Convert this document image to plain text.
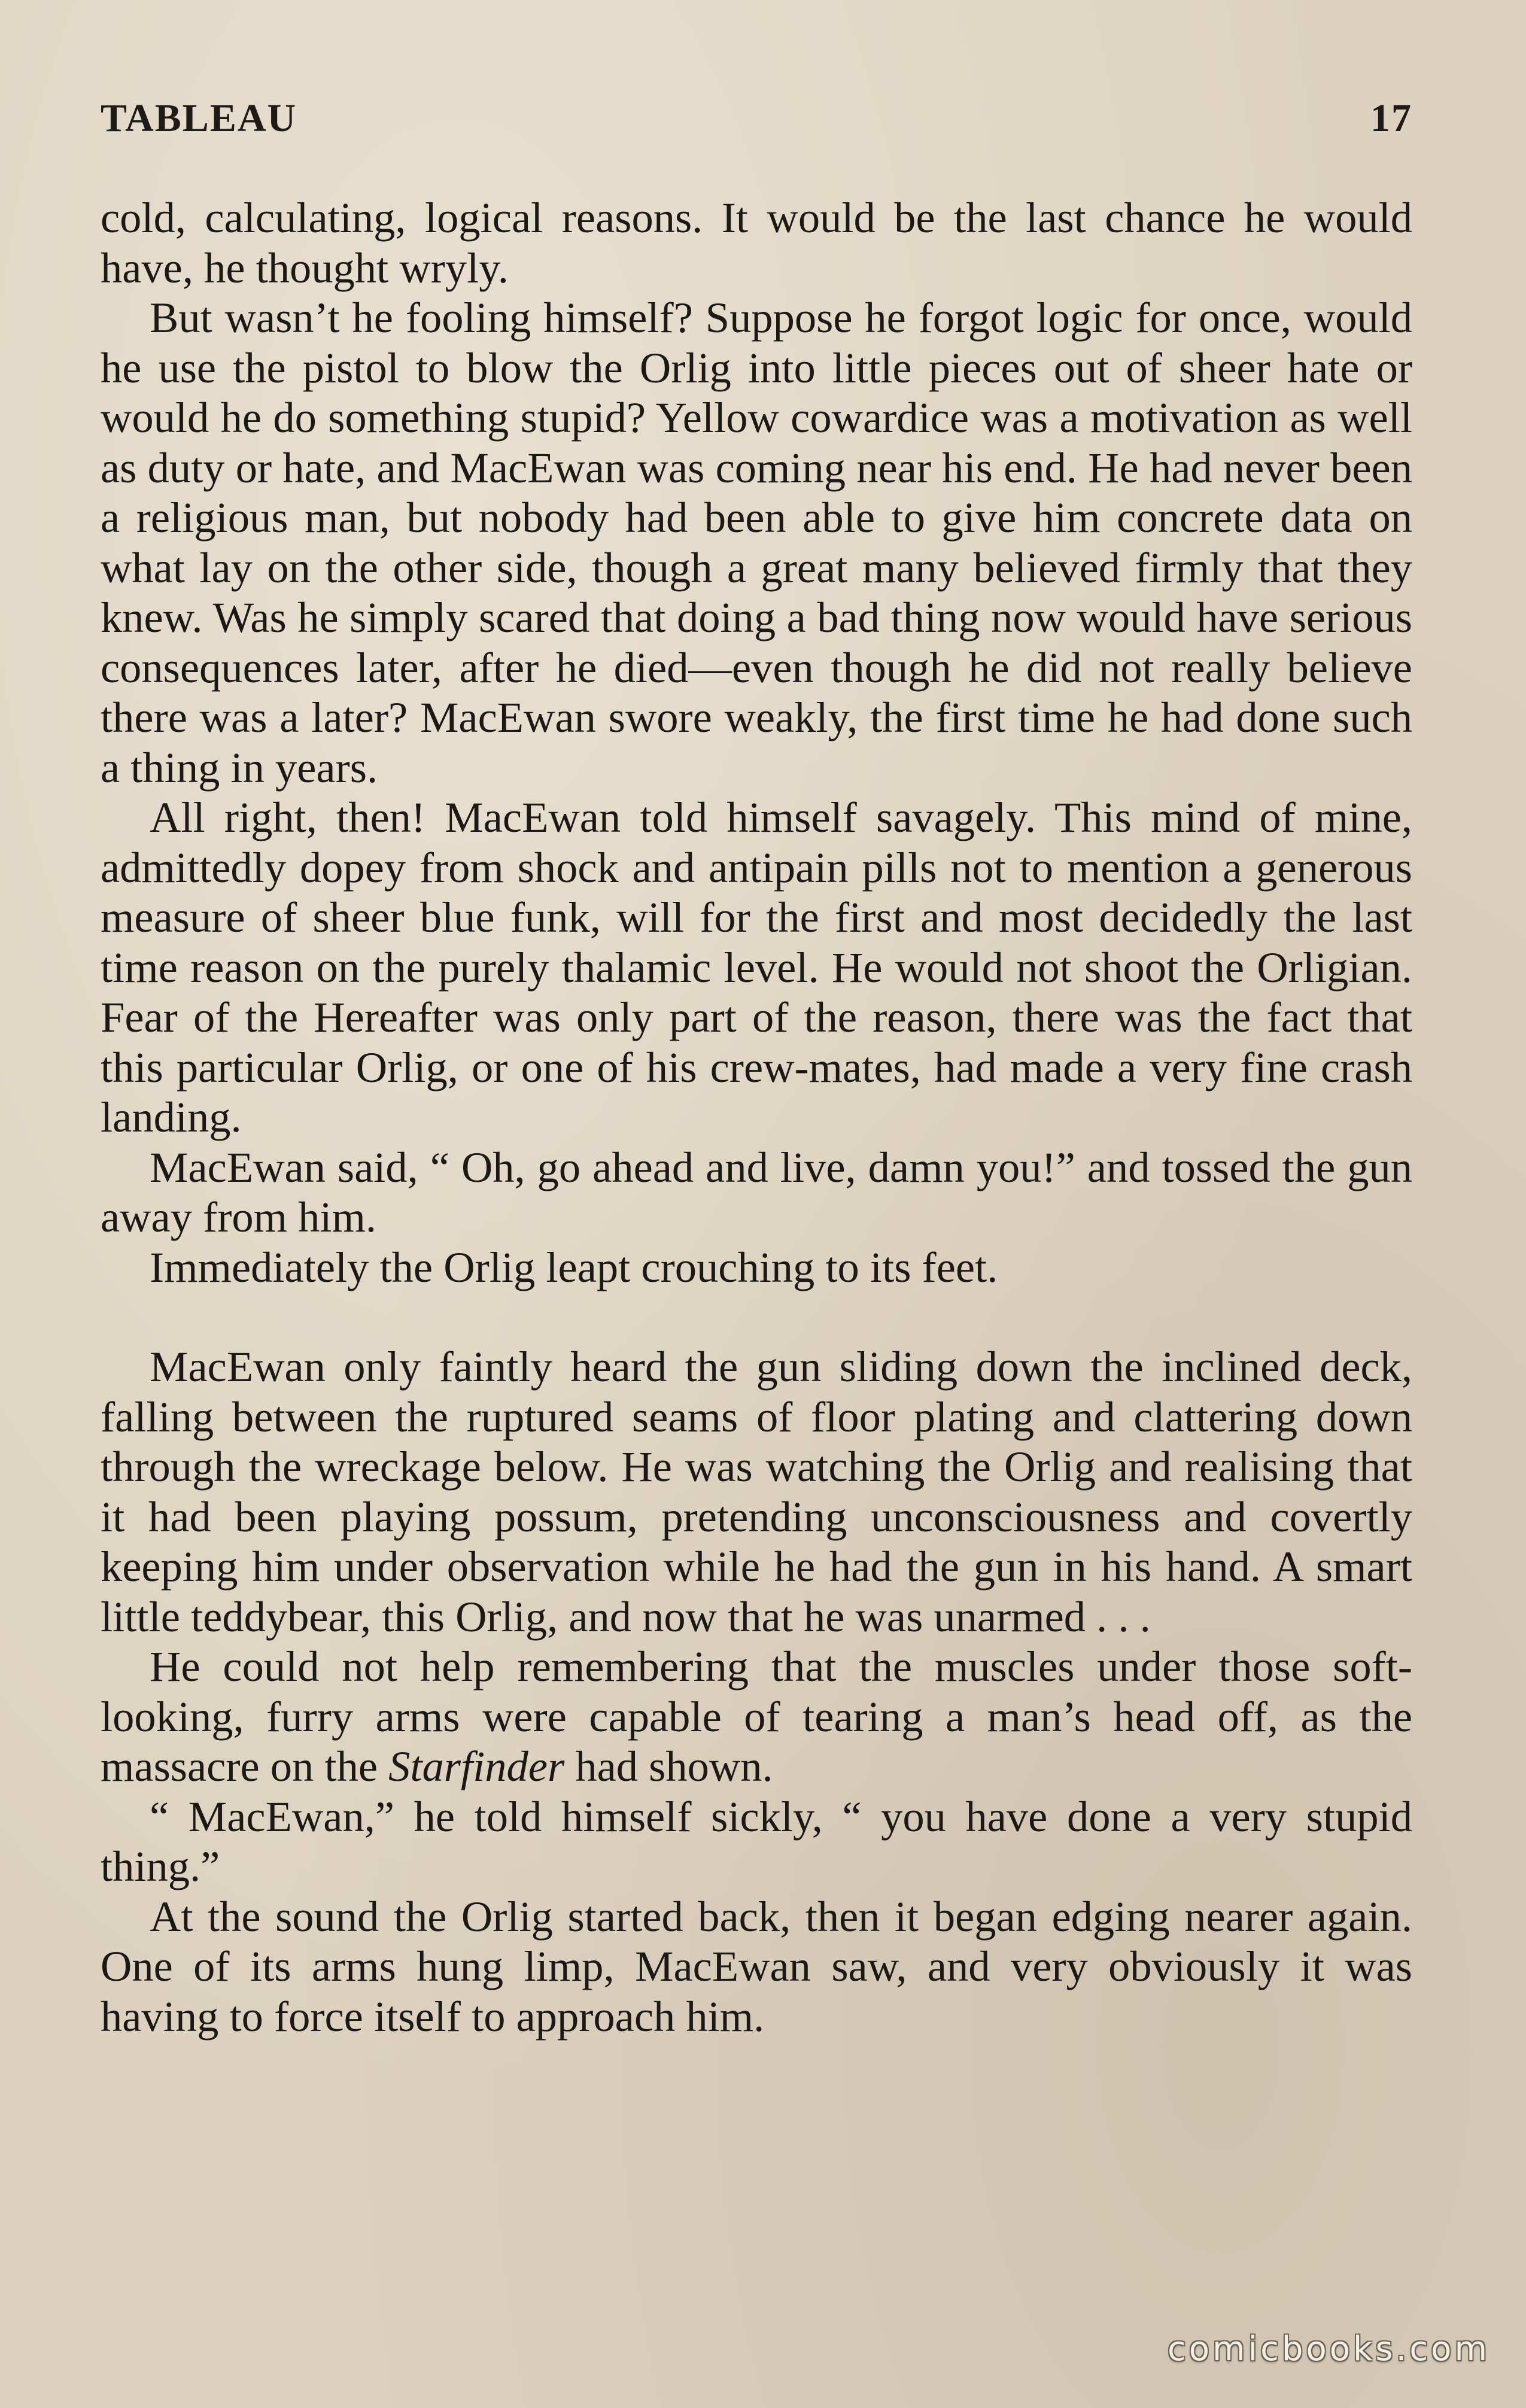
TABLEAU	17

cold, calculating, logical reasons. It would be the last chance he would have, he thought wryly.

But wasn’t he fooling himself? Suppose he forgot logic for once, would he use the pistol to blow the Orlig into little pieces out of sheer hate or would he do something stupid? Yellow cowardice was a motivation as well as duty or hate, and MacEwan was coming near his end. He had never been a religious man, but nobody had been able to give him concrete data on what lay on the other side, though a great many believed firmly that they knew. Was he simply scared that doing a bad thing now would have serious consequences later, after he died—even though he did not really believe there was a later? MacEwan swore weakly, the first time he had done such a thing in years.

All right, then! MacEwan told himself savagely. This mind of mine, admittedly dopey from shock and antipain pills not to mention a generous measure of sheer blue funk, will for the first and most decidedly the last time reason on the purely thalamic level. He would not shoot the Orligian. Fear of the Hereafter was only part of the reason, there was the fact that this particular Orlig, or one of his crew-mates, had made a very fine crash landing.

MacEwan said, “ Oh, go ahead and live, damn you!” and tossed the gun away from him.

Immediately the Orlig leapt crouching to its feet.

MacEwan only faintly heard the gun sliding down the inclined deck, falling between the ruptured seams of floor plating and clattering down through the wreckage below. He was watching the Orlig and realising that it had been playing possum, pretending unconsciousness and covertly keeping him under observation while he had the gun in his hand. A smart little teddybear, this Orlig, and now that he was unarmed . . .

He could not help remembering that the muscles under those soft-looking, furry arms were capable of tearing a man’s head off, as the massacre on the Starfinder had shown.

“ MacEwan,” he told himself sickly, “ you have done a very stupid thing.”

At the sound the Orlig started back, then it began edging nearer again. One of its arms hung limp, MacEwan saw, and very obviously it was having to force itself to approach him.

comicbooks.com
